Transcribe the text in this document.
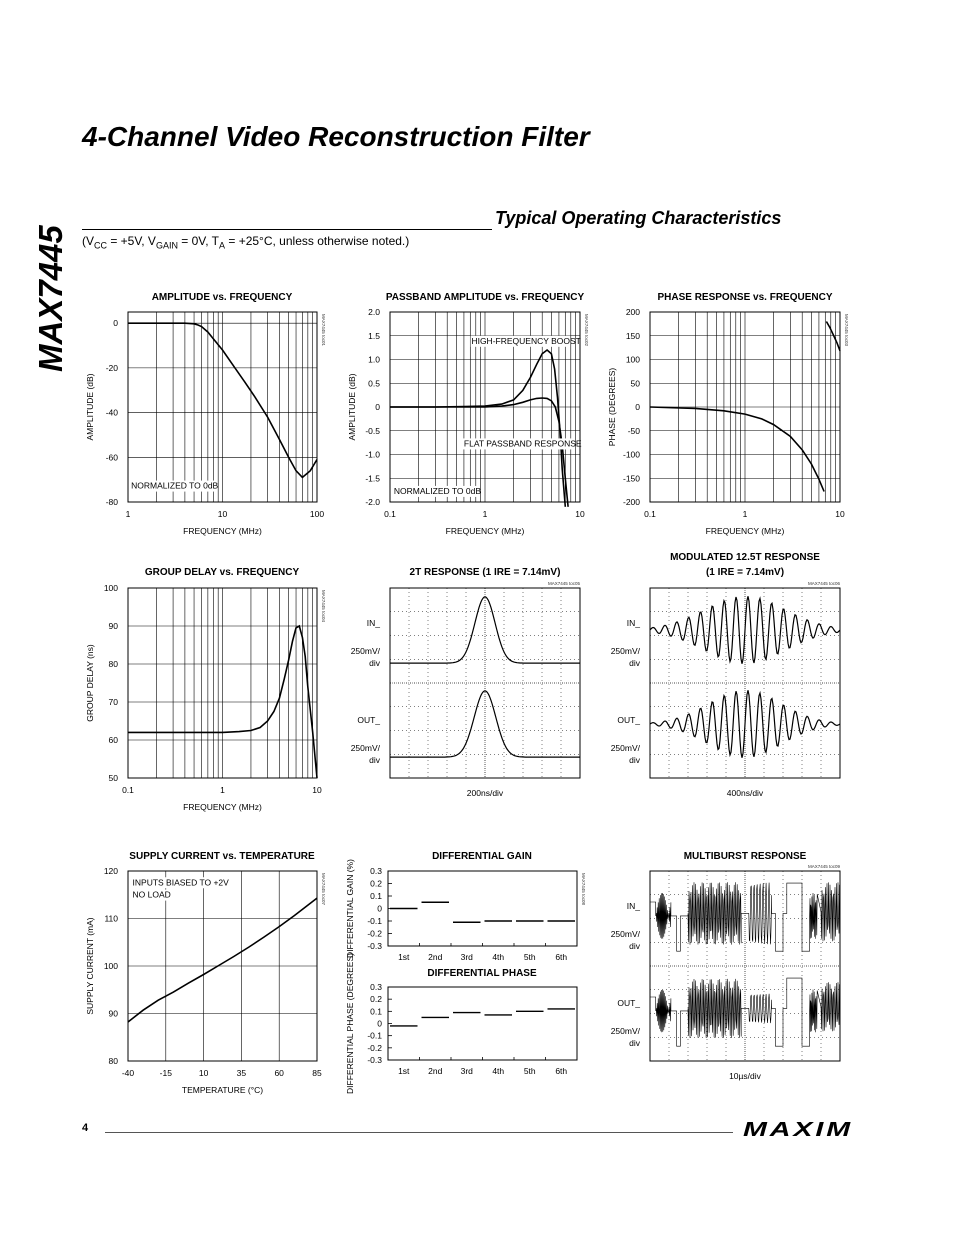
4-Channel Video Reconstruction Filter
MAX7445
Typical Operating Characteristics
($V_{CC} = +5V$, $V_{GAIN} = 0V$, $T_A = +25^\circ C$, unless otherwise noted.)
AMPLITUDE vs. FREQUENCY
0
-20
-40
-60
-80
1	10	100
FREQUENCY (MHz)
AMPLITUDE (dB)
MAX7445 toc01
NORMALIZED TO 0dB
PASSBAND AMPLITUDE vs. FREQUENCY
2.0
1.5
1.0
0.5
0
-0.5
-1.0
-1.5
-2.0
0.1	1	10
FREQUENCY (MHz)
AMPLITUDE (dB)
MAX7445 toc02
HIGH-FREQUENCY BOOST
NORMALIZED TO 0dB
FLAT PASSBAND RESPONSE
PHASE RESPONSE vs. FREQUENCY
200
150
100
50
0
-50
-100
-150
-200
0.1	1	10
FREQUENCY (MHz)
PHASE (DEGREES)
MAX7445 toc03
GROUP DELAY vs. FREQUENCY
100
90
80
70
60
50
0.1	1	10
FREQUENCY (MHz)
GROUP DELAY (ns)
MAX7445 toc04
SUPPLY CURRENT vs. TEMPERATURE
120
110
100
90
80
-40	-15	10	35	60	85
TEMPERATURE (°C)
SUPPLY CURRENT (mA)
MAX7445 toc07
INPUTS BIASED TO +2V
NO LOAD
DIFFERENTIAL GAIN
0.3
0.2
0.1
0
-0.1
-0.2
-0.3
1st 2nd 3rd 4th 5th 6th
MAX7445 toc08
DIFFERENTIAL GAIN (%)
DIFFERENTIAL PHASE
0.3
0.2
0.1
0
-0.1
-0.2
-0.3
1st 2nd 3rd 4th 5th 6th
DIFFERENTIAL PHASE (DEGREES)
2T RESPONSE (1 IRE = 7.14mV)
MAX7445 toc05
IN_
250mV/
div
OUT_
250mV/
div
200ns/div
MODULATED 12.5T RESPONSE
(1 IRE = 7.14mV)
MAX7445 toc06
IN_
250mV/
div
OUT_
250mV/
div
400ns/div
MULTIBURST RESPONSE
MAX7445 toc09
IN_
250mV/
div
OUT_
250mV/
div
10µs/div
4	MAXIM
